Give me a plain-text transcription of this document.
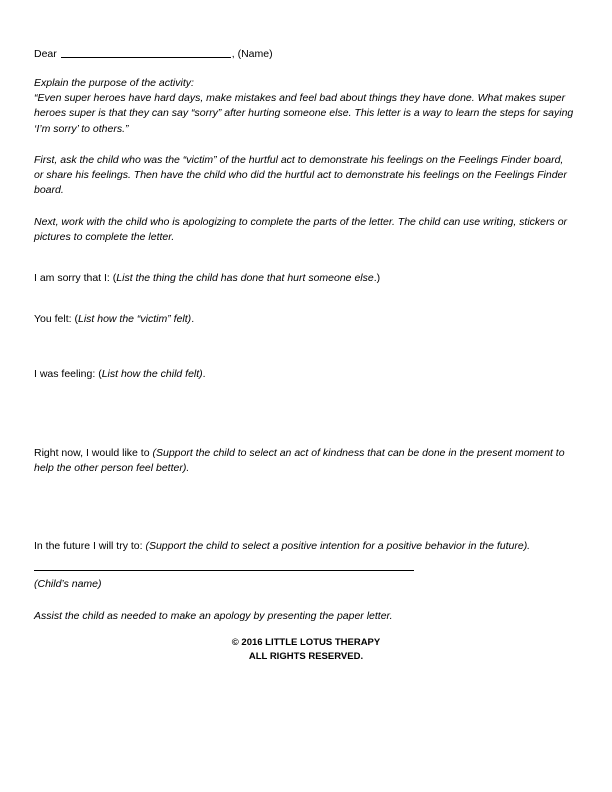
Dear	, (Name)
Explain the purpose of the activity:
“Even super heroes have hard days, make mistakes and feel bad about things they have done. What makes super heroes super is that they can say “sorry” after hurting someone else. This letter is a way to learn the steps for saying ‘I’m sorry’ to others.”
First, ask the child who was the “victim” of the hurtful act to demonstrate his feelings on the Feelings Finder board, or share his feelings. Then have the child who did the hurtful act to demonstrate his feelings on the Feelings Finder board.
Next, work with the child who is apologizing to complete the parts of the letter. The child can use writing, stickers or pictures to complete the letter.
I am sorry that I: (List the thing the child has done that hurt someone else.)
You felt: (List how the “victim” felt).
I was feeling: (List how the child felt).
Right now, I would like to (Support the child to select an act of kindness that can be done in the present moment to help the other person feel better).
In the future I will try to: (Support the child to select a positive intention for a positive behavior in the future).
(Child’s name)
Assist the child as needed to make an apology by presenting the paper letter.
© 2016 LITTLE LOTUS THERAPY
ALL RIGHTS RESERVED.
